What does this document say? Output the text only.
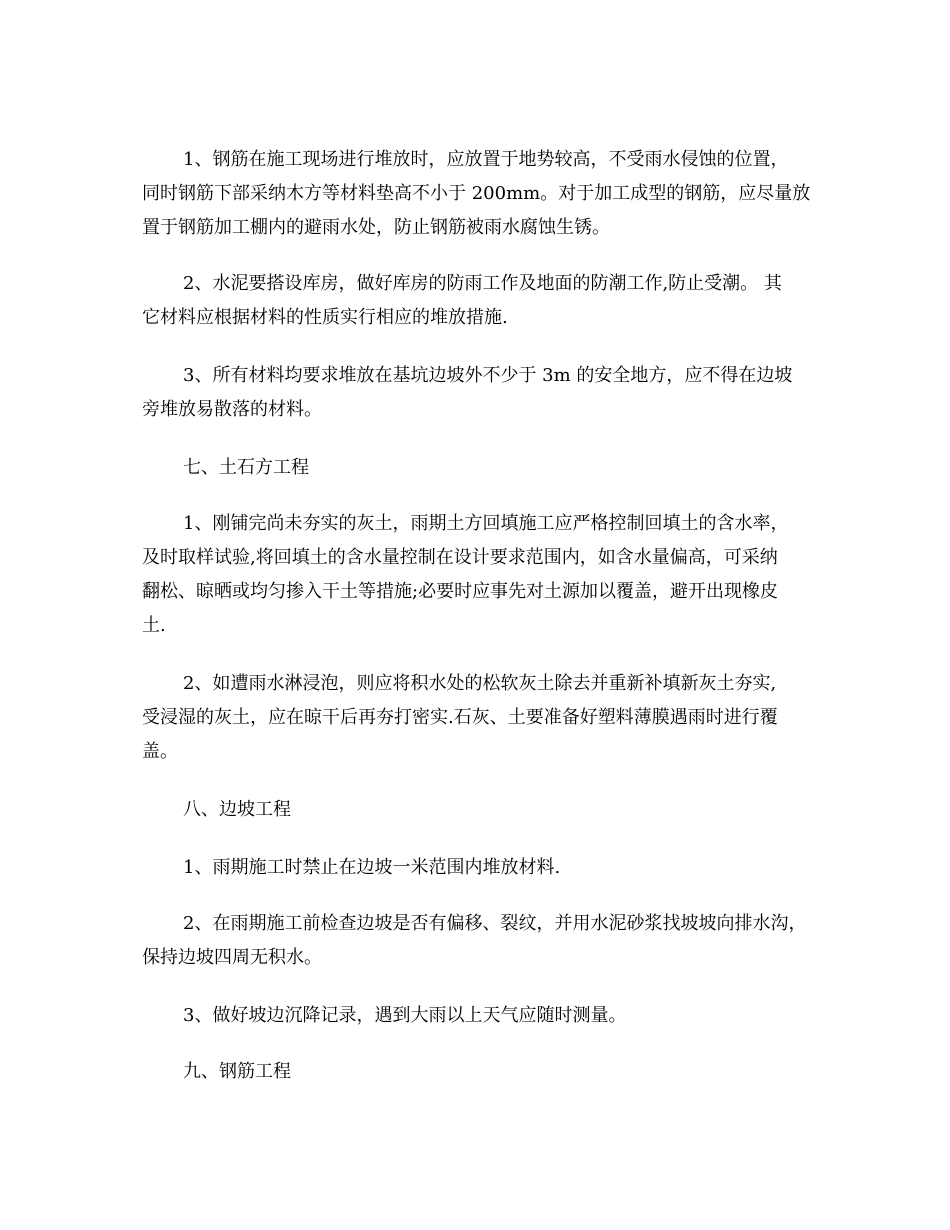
1、钢筋在施工现场进行堆放时，应放置于地势较高，不受雨水侵蚀的位置，
同时钢筋下部采纳木方等材料垫高不小于 200mm。对于加工成型的钢筋，应尽量放
置于钢筋加工棚内的避雨水处，防止钢筋被雨水腐蚀生锈。
2、水泥要搭设库房，做好库房的防雨工作及地面的防潮工作,防止受潮。 其
它材料应根据材料的性质实行相应的堆放措施.
3、所有材料均要求堆放在基坑边坡外不少于 3m 的安全地方，应不得在边坡
旁堆放易散落的材料。
七、土石方工程
1、刚铺完尚未夯实的灰土，雨期土方回填施工应严格控制回填土的含水率，
及时取样试验,将回填土的含水量控制在设计要求范围内，如含水量偏高，可采纳
翻松、晾晒或均匀掺入干土等措施;必要时应事先对土源加以覆盖，避开出现橡皮
土.
2、如遭雨水淋浸泡，则应将积水处的松软灰土除去并重新补填新灰土夯实,
受浸湿的灰土，应在晾干后再夯打密实.石灰、土要准备好塑料薄膜遇雨时进行覆
盖。
八、边坡工程
1、雨期施工时禁止在边坡一米范围内堆放材料.
2、在雨期施工前检查边坡是否有偏移、裂纹，并用水泥砂浆找坡坡向排水沟，
保持边坡四周无积水。
3、做好坡边沉降记录，遇到大雨以上天气应随时测量。
九、钢筋工程
